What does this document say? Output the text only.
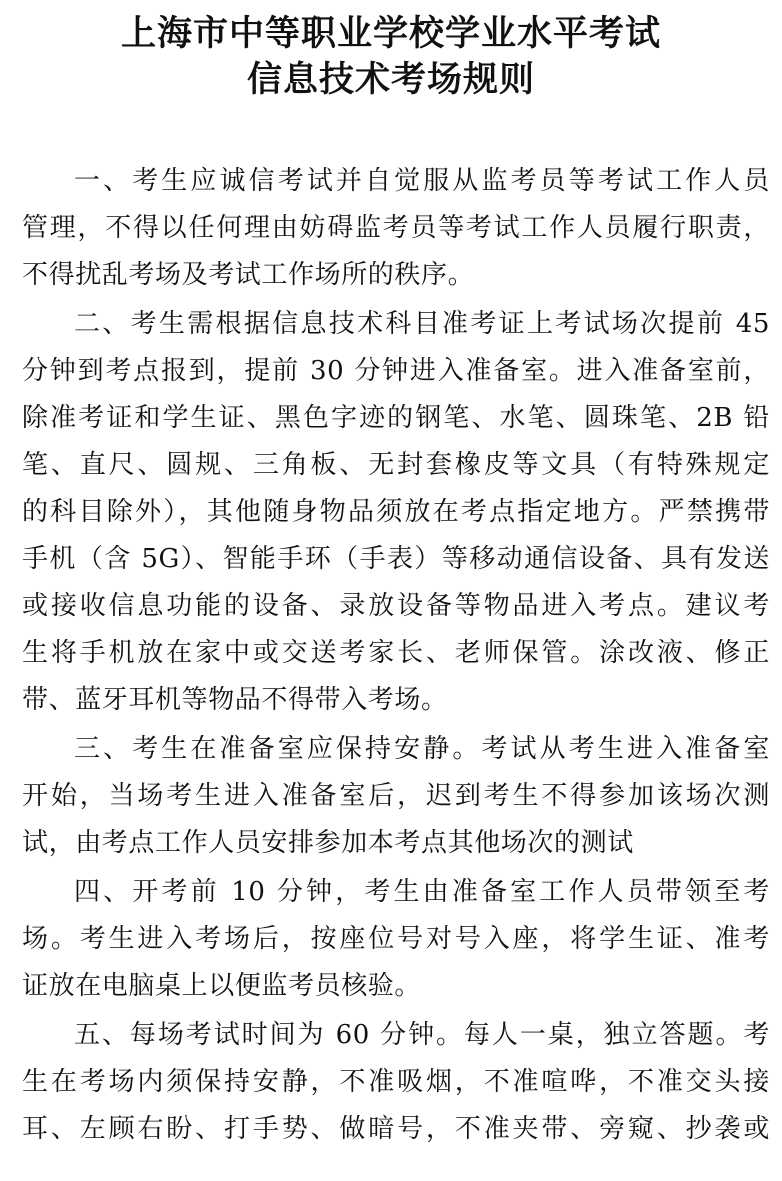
上海市中等职业学校学业水平考试
信息技术考场规则

一、考生应诚信考试并自觉服从监考员等考试工作人员
管理，不得以任何理由妨碍监考员等考试工作人员履行职责，
不得扰乱考场及考试工作场所的秩序。

二、考生需根据信息技术科目准考证上考试场次提前 45
分钟到考点报到，提前 30 分钟进入准备室。进入准备室前，
除准考证和学生证、黑色字迹的钢笔、水笔、圆珠笔、2B 铅
笔、直尺、圆规、三角板、无封套橡皮等文具（有特殊规定
的科目除外），其他随身物品须放在考点指定地方。严禁携带
手机（含 5G）、智能手环（手表）等移动通信设备、具有发送
或接收信息功能的设备、录放设备等物品进入考点。建议考
生将手机放在家中或交送考家长、老师保管。涂改液、修正
带、蓝牙耳机等物品不得带入考场。

三、考生在准备室应保持安静。考试从考生进入准备室
开始，当场考生进入准备室后，迟到考生不得参加该场次测
试，由考点工作人员安排参加本考点其他场次的测试

四、开考前 10 分钟，考生由准备室工作人员带领至考
场。考生进入考场后，按座位号对号入座，将学生证、准考
证放在电脑桌上以便监考员核验。

五、每场考试时间为 60 分钟。每人一桌，独立答题。考
生在考场内须保持安静，不准吸烟，不准喧哗，不准交头接
耳、左顾右盼、打手势、做暗号，不准夹带、旁窥、抄袭或
